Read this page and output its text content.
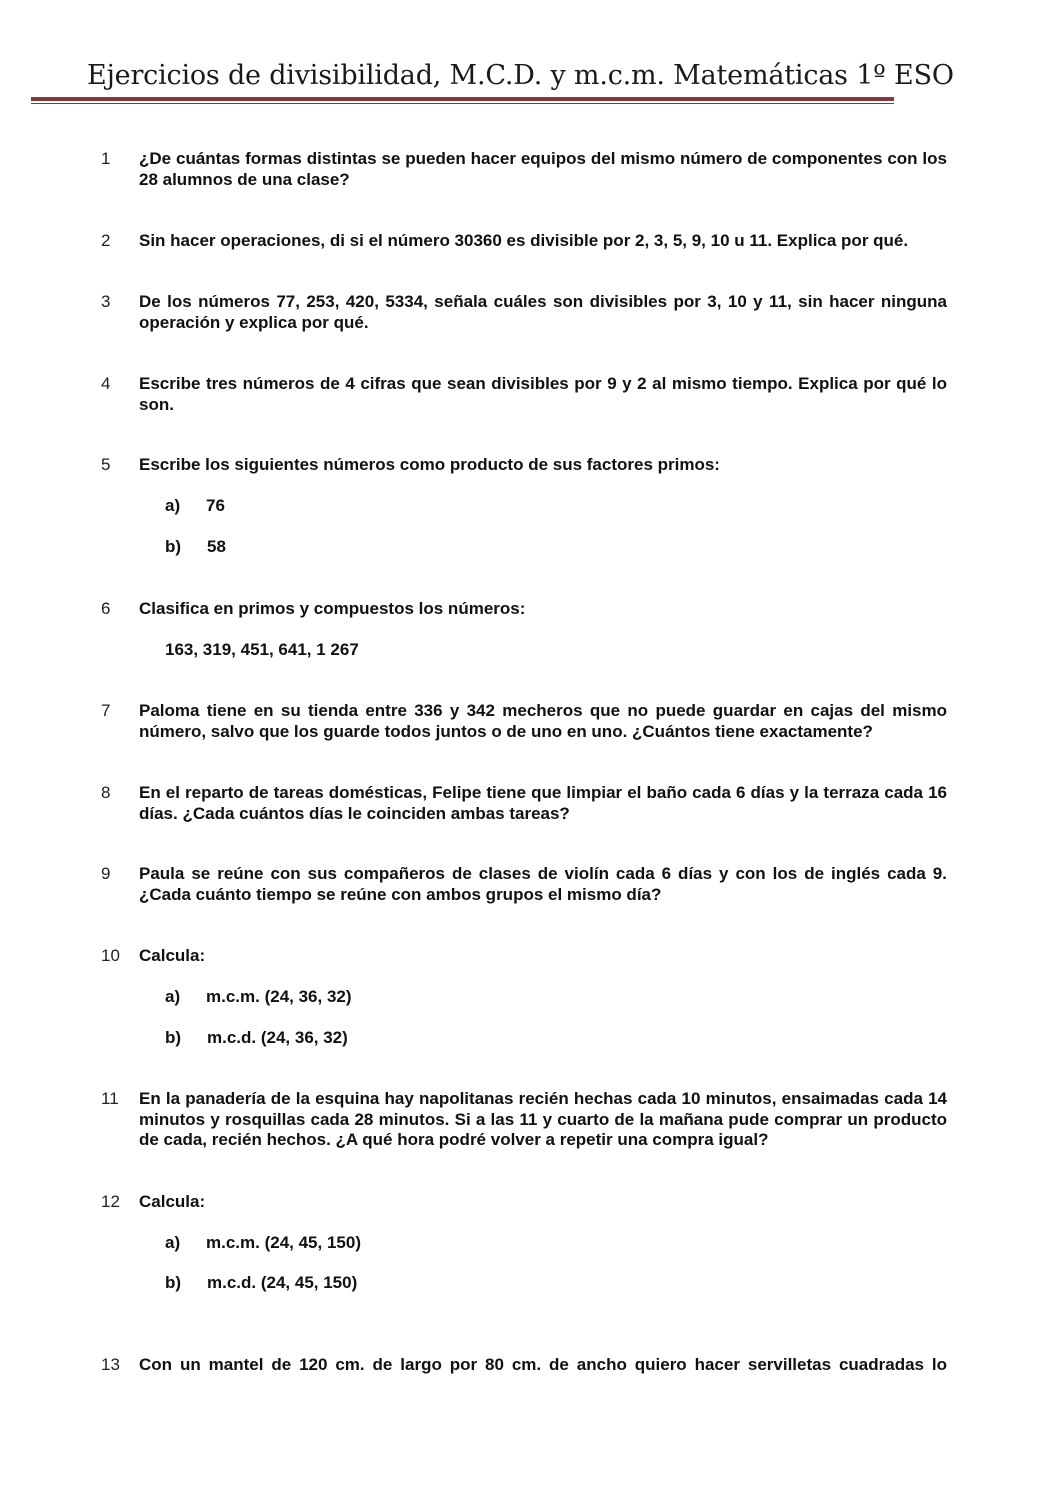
Ejercicios de divisibilidad, M.C.D. y m.c.m. Matemáticas 1º ESO
1 ¿De cuántas formas distintas se pueden hacer equipos del mismo número de componentes con los 28 alumnos de una clase?
2 Sin hacer operaciones, di si el número 30360 es divisible por 2, 3, 5, 9, 10 u 11. Explica por qué.
3 De los números 77, 253, 420, 5334, señala cuáles son divisibles por 3, 10 y 11, sin hacer ninguna operación y explica por qué.
4 Escribe tres números de 4 cifras que sean divisibles por 9 y 2 al mismo tiempo. Explica por qué lo son.
5 Escribe los siguientes números como producto de sus factores primos:
a) 76
b) 58
6 Clasifica en primos y compuestos los números:
163, 319, 451, 641, 1 267
7 Paloma tiene en su tienda entre 336 y 342 mecheros que no puede guardar en cajas del mismo número, salvo que los guarde todos juntos o de uno en uno. ¿Cuántos tiene exactamente?
8 En el reparto de tareas domésticas, Felipe tiene que limpiar el baño cada 6 días y la terraza cada 16 días. ¿Cada cuántos días le coinciden ambas tareas?
9 Paula se reúne con sus compañeros de clases de violín cada 6 días y con los de inglés cada 9. ¿Cada cuánto tiempo se reúne con ambos grupos el mismo día?
10 Calcula:
a) m.c.m. (24, 36, 32)
b) m.c.d. (24, 36, 32)
11 En la panadería de la esquina hay napolitanas recién hechas cada 10 minutos, ensaimadas cada 14 minutos y rosquillas cada 28 minutos. Si a las 11 y cuarto de la mañana pude comprar un producto de cada, recién hechos. ¿A qué hora podré volver a repetir una compra igual?
12 Calcula:
a) m.c.m. (24, 45, 150)
b) m.c.d. (24, 45, 150)
13 Con un mantel de 120 cm. de largo por 80 cm. de ancho quiero hacer servilletas cuadradas lo
